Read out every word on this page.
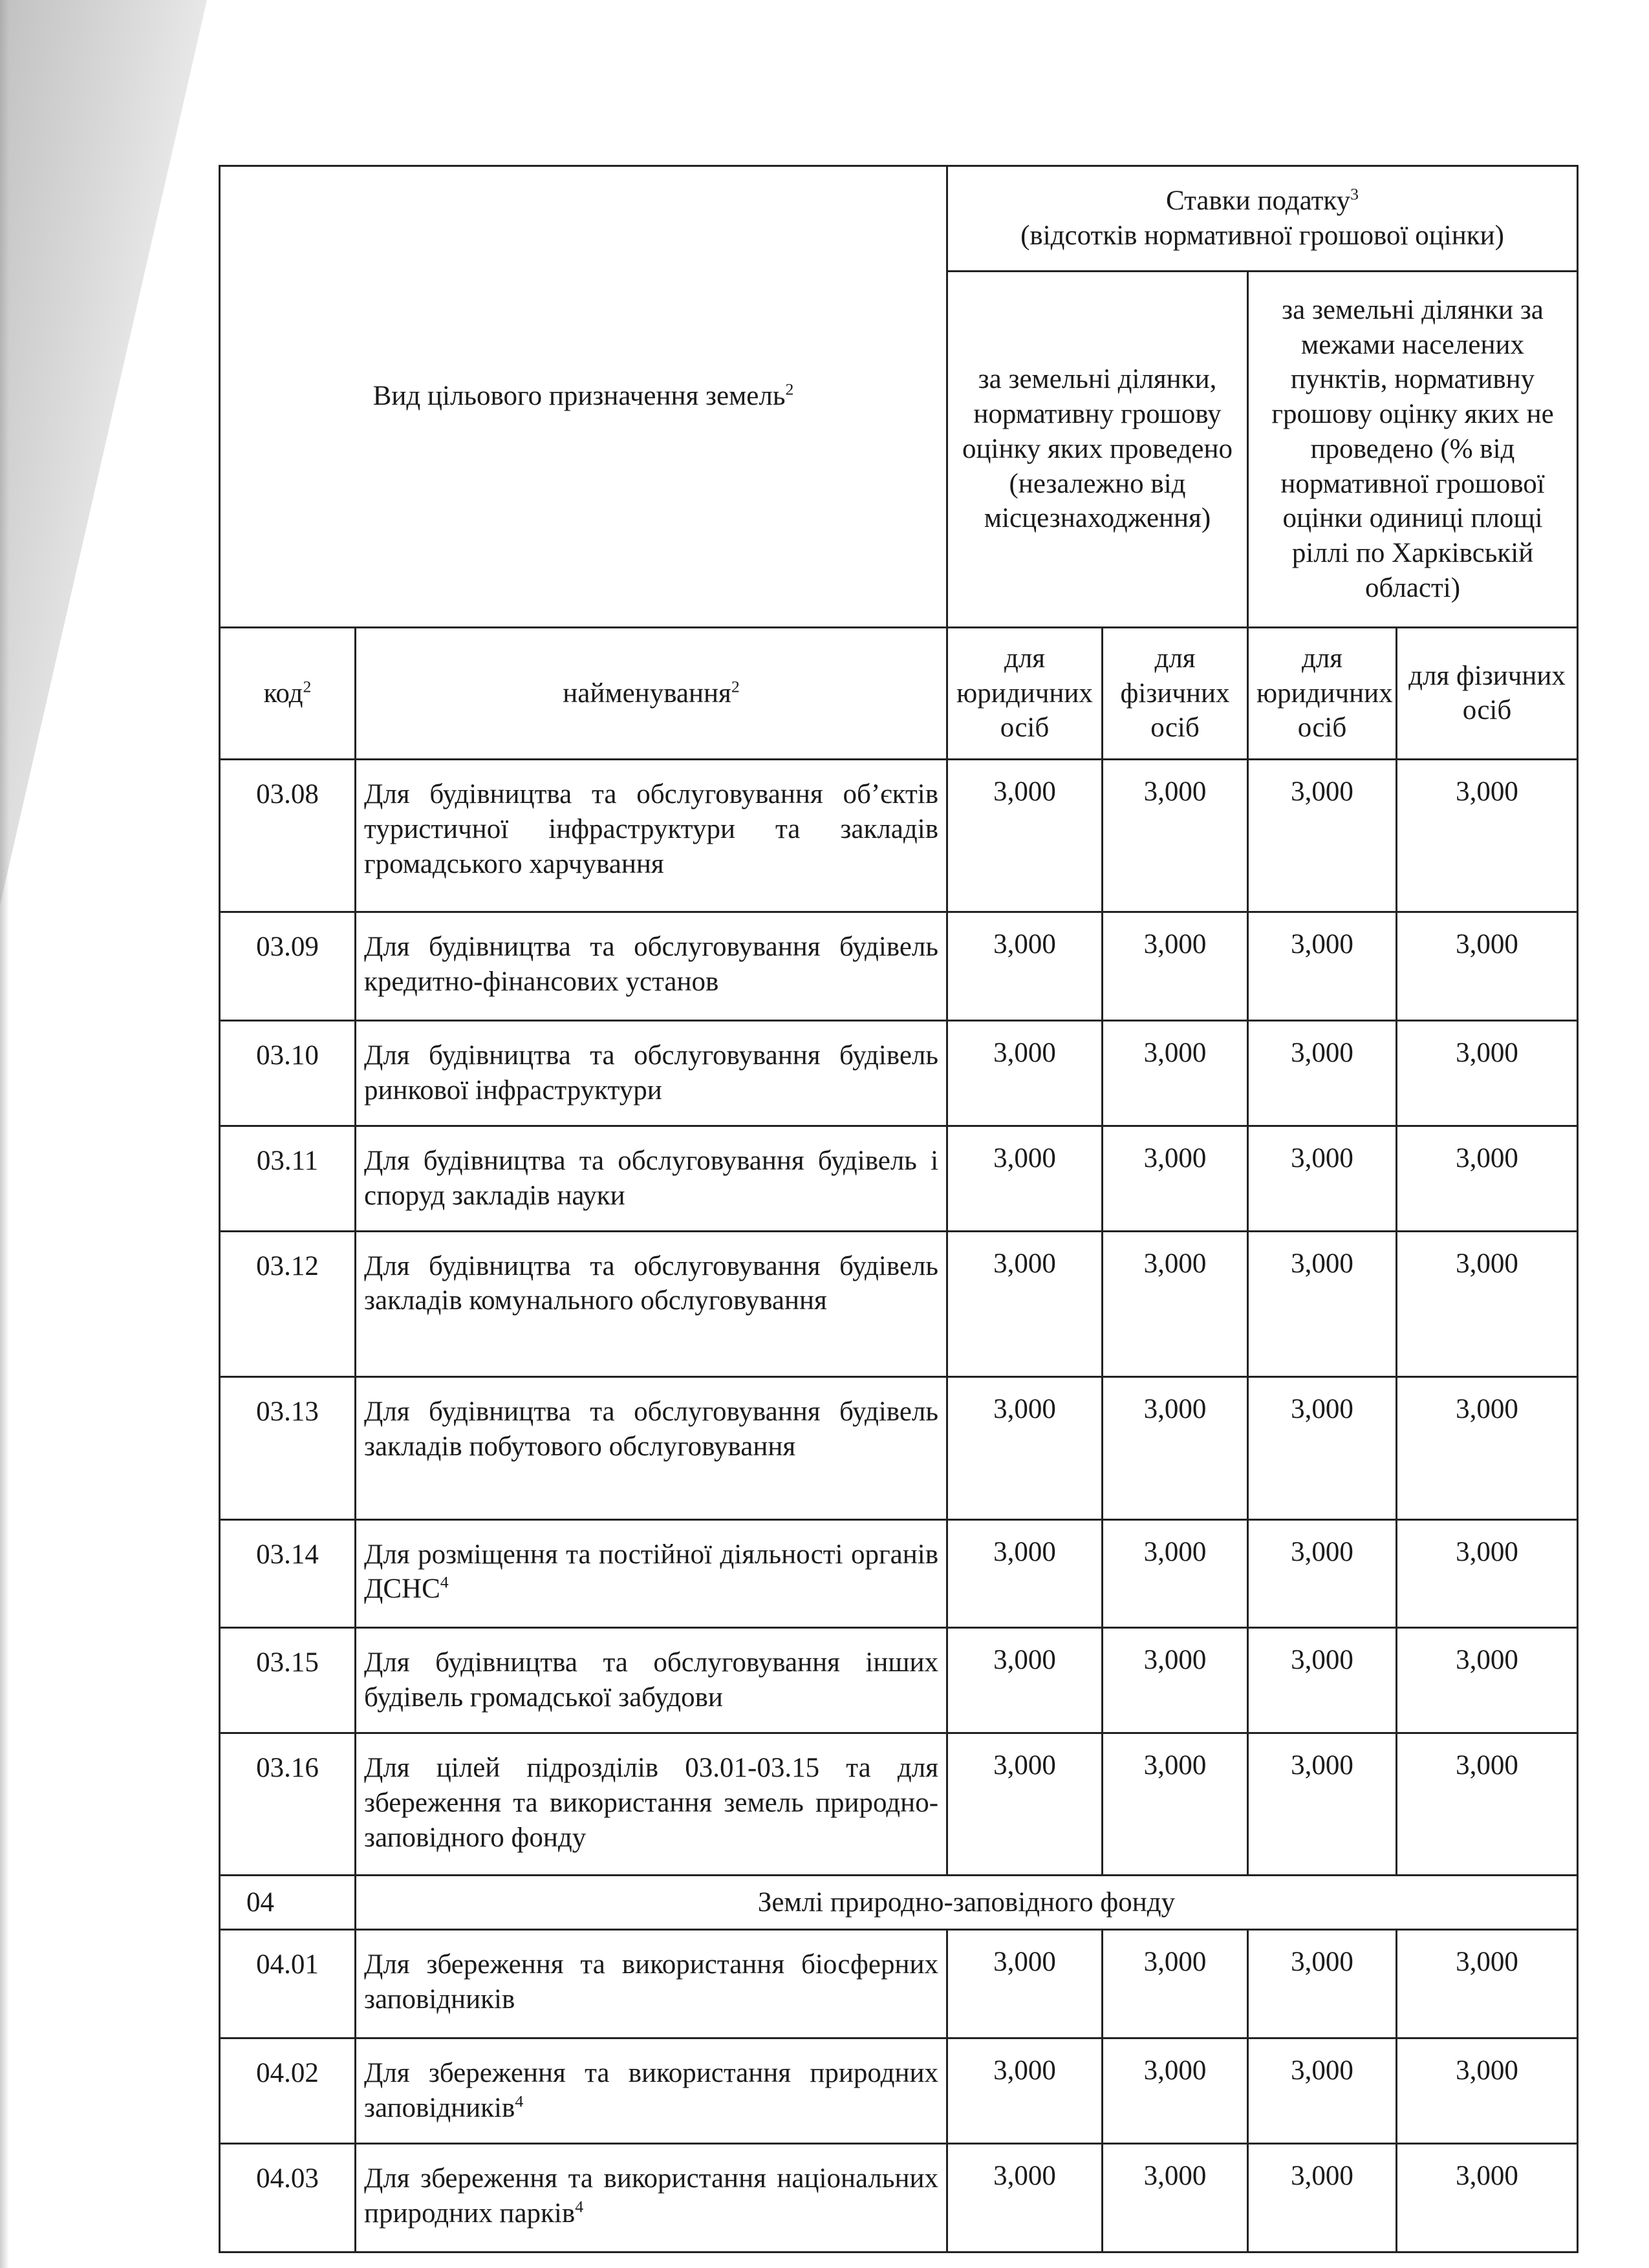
Вид цільового призначення земель$^2$		Ставки податку$^3$
(відсотків нормативної грошової оцінки)			

		за земельні ділянки, нормативну грошову оцінку яких проведено (незалежно від місцезнаходження)		за земельні ділянки за межами населених пунктів, нормативну грошову оцінку яких не проведено (% від нормативної грошової оцінки одиниці площі ріллі по Харківській області)	
код$^2$	найменування$^2$	для юридичних осіб	для фізичних осіб	для юридичних осіб	для фізичних осіб
03.08	Для будівництва та обслуговування об’єктів туристичної інфраструктури та закладів громадського харчування	3,000	3,000	3,000	3,000
03.09	Для будівництва та обслуговування будівель кредитно-фінансових установ	3,000	3,000	3,000	3,000
03.10	Для будівництва та обслуговування будівель ринкової інфраструктури	3,000	3,000	3,000	3,000
03.11	Для будівництва та обслуговування будівель і споруд закладів науки	3,000	3,000	3,000	3,000
03.12	Для будівництва та обслуговування будівель закладів комунального обслуговування	3,000	3,000	3,000	3,000
03.13	Для будівництва та обслуговування будівель закладів побутового обслуговування	3,000	3,000	3,000	3,000
03.14	Для розміщення та постійної діяльності органів ДСНС$^4$	3,000	3,000	3,000	3,000
03.15	Для будівництва та обслуговування інших будівель громадської забудови	3,000	3,000	3,000	3,000
03.16	Для цілей підрозділів 03.01-03.15 та для збереження та використання земель природно-заповідного фонду	3,000	3,000	3,000	3,000
04	Землі природно-заповідного фонду				
04.01	Для збереження та використання біосферних заповідників	3,000	3,000	3,000	3,000
04.02	Для збереження та використання природних заповідників$^4$	3,000	3,000	3,000	3,000
04.03	Для збереження та використання національних природних парків$^4$	3,000	3,000	3,000	3,000
